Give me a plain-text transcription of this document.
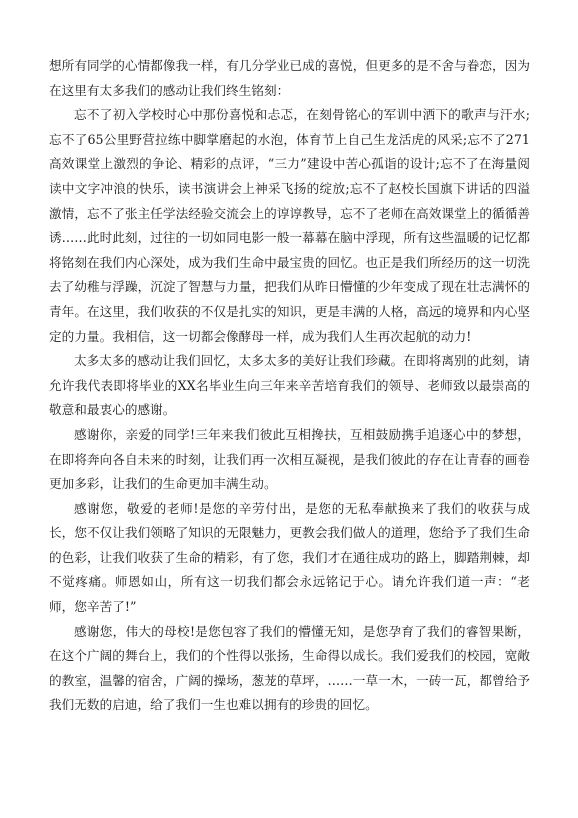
想所有同学的心情都像我一样，有几分学业已成的喜悦，但更多的是不舍与眷恋，因为在这里有太多我们的感动让我们终生铭刻：

忘不了初入学校时心中那份喜悦和忐忑，在刻骨铭心的军训中洒下的歌声与汗水;忘不了65公里野营拉练中脚掌磨起的水泡，体育节上自己生龙活虎的风采;忘不了271高效课堂上激烈的争论、精彩的点评，“三力”建设中苦心孤诣的设计;忘不了在海量阅读中文字冲浪的快乐，读书演讲会上神采飞扬的绽放;忘不了赵校长国旗下讲话的四溢激情，忘不了张主任学法经验交流会上的谆谆教导，忘不了老师在高效课堂上的循循善诱……此时此刻，过往的一切如同电影一般一幕幕在脑中浮现，所有这些温暖的记忆都将铭刻在我们内心深处，成为我们生命中最宝贵的回忆。也正是我们所经历的这一切洗去了幼稚与浮躁，沉淀了智慧与力量，把我们从昨日懵懂的少年变成了现在壮志满怀的青年。在这里，我们收获的不仅是扎实的知识，更是丰满的人格，高远的境界和内心坚定的力量。我相信，这一切都会像酵母一样，成为我们人生再次起航的动力!

太多太多的感动让我们回忆，太多太多的美好让我们珍藏。在即将离别的此刻，请允许我代表即将毕业的XX名毕业生向三年来辛苦培育我们的领导、老师致以最崇高的敬意和最衷心的感谢。

感谢你，亲爱的同学!三年来我们彼此互相搀扶，互相鼓励携手追逐心中的梦想，在即将奔向各自未来的时刻，让我们再一次相互凝视，是我们彼此的存在让青春的画卷更加多彩，让我们的生命更加丰满生动。

感谢您，敬爱的老师!是您的辛劳付出，是您的无私奉献换来了我们的收获与成长，您不仅让我们领略了知识的无限魅力，更教会我们做人的道理，您给予了我们生命的色彩，让我们收获了生命的精彩，有了您，我们才在通往成功的路上，脚踏荆棘，却不觉疼痛。师恩如山，所有这一切我们都会永远铭记于心。请允许我们道一声：“老师，您辛苦了!”

感谢您，伟大的母校!是您包容了我们的懵懂无知，是您孕育了我们的睿智果断，在这个广阔的舞台上，我们的个性得以张扬，生命得以成长。我们爱我们的校园，宽敞的教室，温馨的宿舍，广阔的操场，葱茏的草坪，……一草一木，一砖一瓦，都曾给予我们无数的启迪，给了我们一生也难以拥有的珍贵的回忆。
